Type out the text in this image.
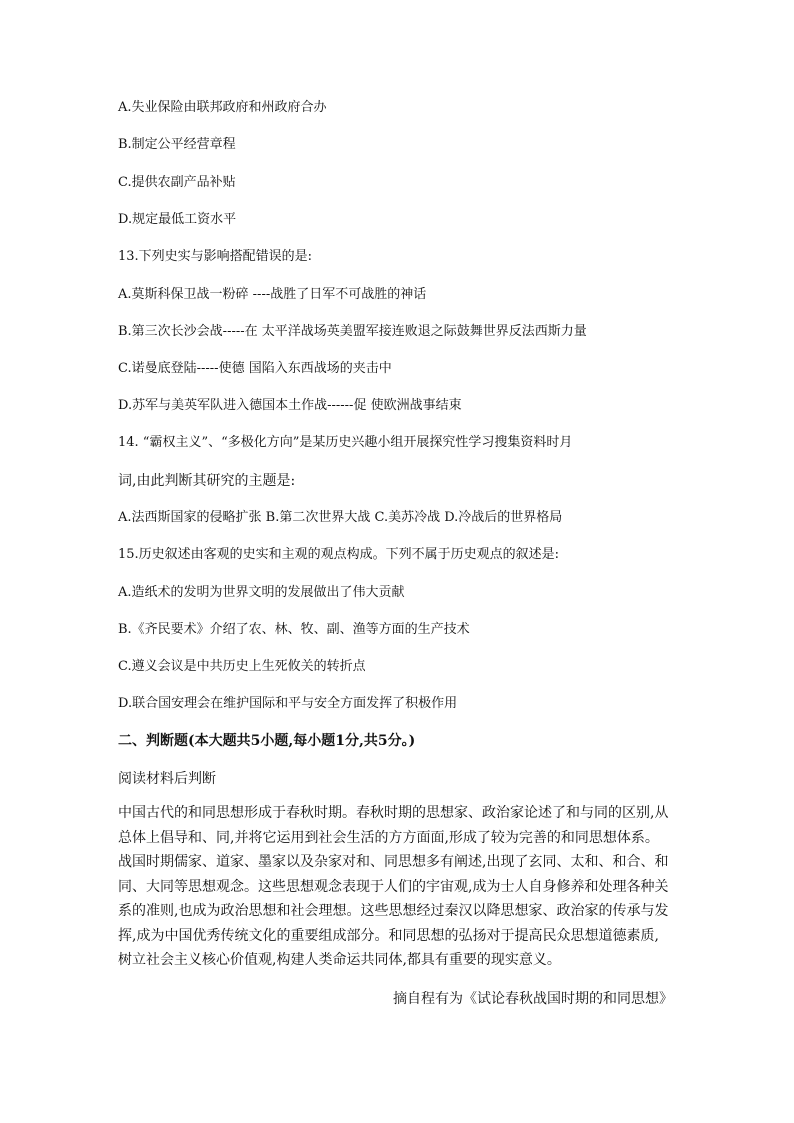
A.失业保险由联邦政府和州政府合办
B.制定公平经营章程
C.提供农副产品补贴
D.规定最低工资水平
13.下列史实与影响搭配错误的是:
A.莫斯科保卫战一粉碎 ----战胜了日军不可战胜的神话
B.第三次长沙会战-----在 太平洋战场英美盟军接连败退之际鼓舞世界反法西斯力量
C.诺曼底登陆-----使德 国陷入东西战场的夹击中
D.苏军与美英军队进入德国本土作战------促 使欧洲战事结束
14. “霸权主义”、“多极化方向”是某历史兴趣小组开展探究性学习搜集资料时月
词,由此判断其研究的主题是:
A.法西斯国家的侵略扩张 B.第二次世界大战 C.美苏冷战 D.冷战后的世界格局
15.历史叙述由客观的史实和主观的观点构成。下列不属于历史观点的叙述是:
A.造纸术的发明为世界文明的发展做出了伟大贡献
B.《齐民要术》介绍了农、林、牧、副、渔等方面的生产技术
C.遵义会议是中共历史上生死攸关的转折点
D.联合国安理会在维护国际和平与安全方面发挥了积极作用
二、判断题(本大题共5小题,每小题1分,共5分。)
阅读材料后判断
中国古代的和同思想形成于春秋时期。春秋时期的思想家、政治家论述了和与同的区别,从
总体上倡导和、同,并将它运用到社会生活的方方面面,形成了较为完善的和同思想体系。
战国时期儒家、道家、墨家以及杂家对和、同思想多有阐述,出现了玄同、太和、和合、和
同、大同等思想观念。这些思想观念表现于人们的宇宙观,成为士人自身修养和处理各种关
系的准则,也成为政治思想和社会理想。这些思想经过秦汉以降思想家、政治家的传承与发
挥,成为中国优秀传统文化的重要组成部分。和同思想的弘扬对于提高民众思想道德素质,
树立社会主义核心价值观,构建人类命运共同体,都具有重要的现实意义。
摘自程有为《试论春秋战国时期的和同思想》
